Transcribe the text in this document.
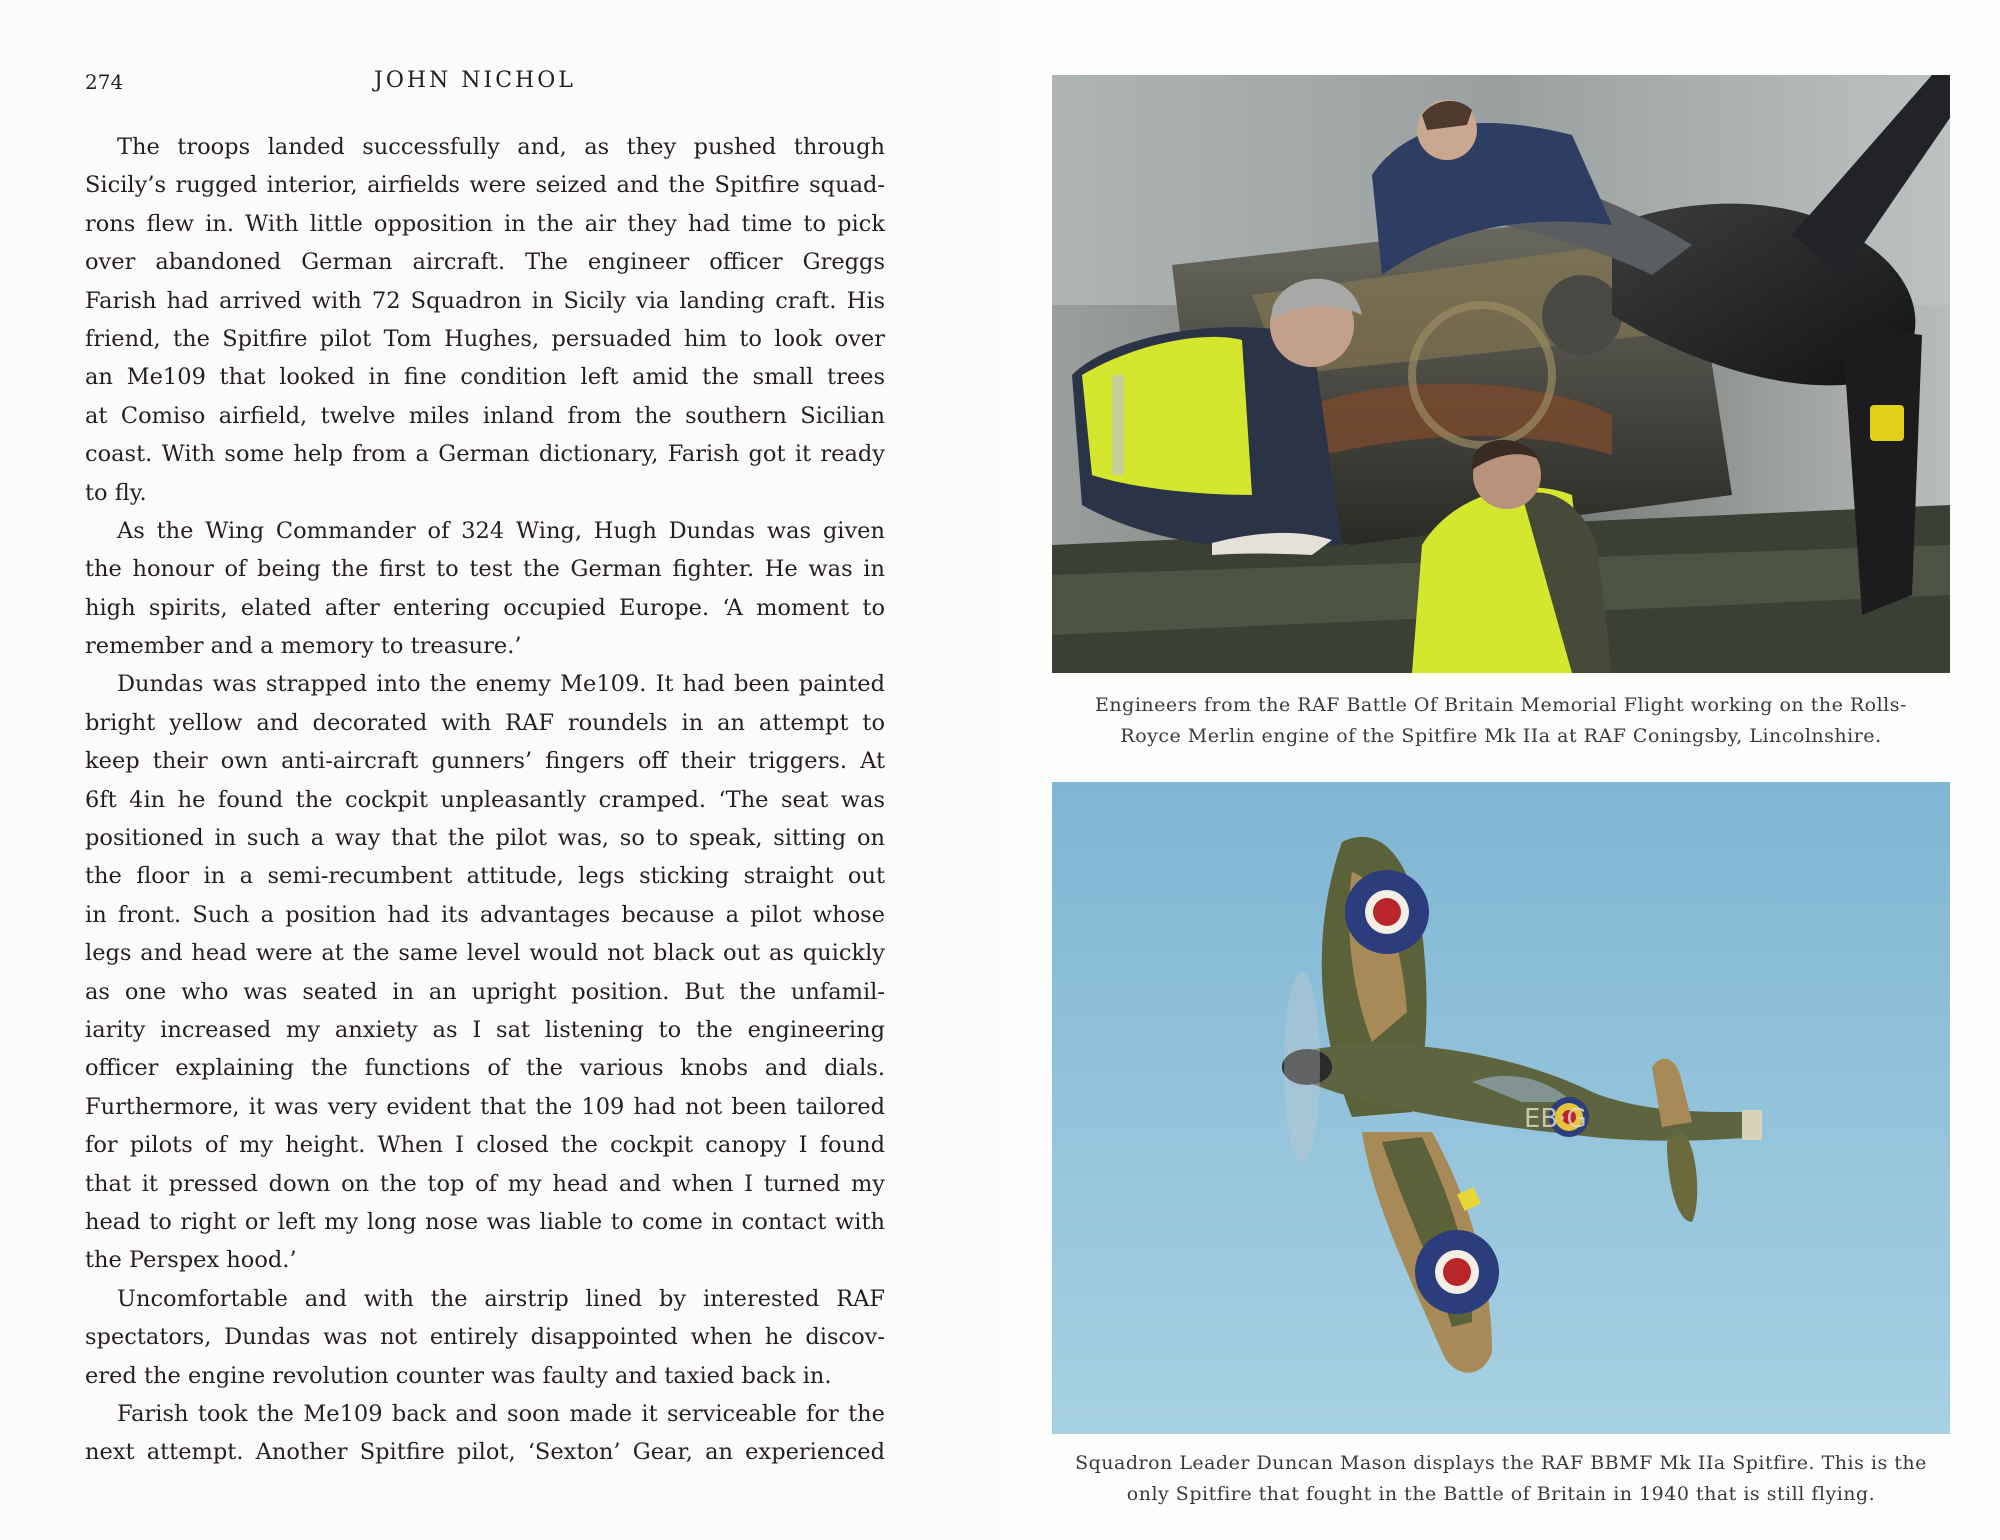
274	JOHN NICHOL
The troops landed successfully and, as they pushed through
Sicily’s rugged interior, airfields were seized and the Spitfire squad-
rons flew in. With little opposition in the air they had time to pick
over abandoned German aircraft. The engineer officer Greggs
Farish had arrived with 72 Squadron in Sicily via landing craft. His
friend, the Spitfire pilot Tom Hughes, persuaded him to look over
an Me109 that looked in fine condition left amid the small trees
at Comiso airfield, twelve miles inland from the southern Sicilian
coast. With some help from a German dictionary, Farish got it ready
to fly.
As the Wing Commander of 324 Wing, Hugh Dundas was given
the honour of being the first to test the German fighter. He was in
high spirits, elated after entering occupied Europe. ‘A moment to
remember and a memory to treasure.’
Dundas was strapped into the enemy Me109. It had been painted
bright yellow and decorated with RAF roundels in an attempt to
keep their own anti-aircraft gunners’ fingers off their triggers. At
6ft 4in he found the cockpit unpleasantly cramped. ‘The seat was
positioned in such a way that the pilot was, so to speak, sitting on
the floor in a semi-recumbent attitude, legs sticking straight out
in front. Such a position had its advantages because a pilot whose
legs and head were at the same level would not black out as quickly
as one who was seated in an upright position. But the unfamil-
iarity increased my anxiety as I sat listening to the engineering
officer explaining the functions of the various knobs and dials.
Furthermore, it was very evident that the 109 had not been tailored
for pilots of my height. When I closed the cockpit canopy I found
that it pressed down on the top of my head and when I turned my
head to right or left my long nose was liable to come in contact with
the Perspex hood.’
Uncomfortable and with the airstrip lined by interested RAF
spectators, Dundas was not entirely disappointed when he discov-
ered the engine revolution counter was faulty and taxied back in.
Farish took the Me109 back and soon made it serviceable for the
next attempt. Another Spitfire pilot, ‘Sexton’ Gear, an experienced
Engineers from the RAF Battle Of Britain Memorial Flight working on the Rolls-
Royce Merlin engine of the Spitfire Mk IIa at RAF Coningsby, Lincolnshire.
EB·G
Squadron Leader Duncan Mason displays the RAF BBMF Mk IIa Spitfire. This is the
only Spitfire that fought in the Battle of Britain in 1940 that is still flying.
